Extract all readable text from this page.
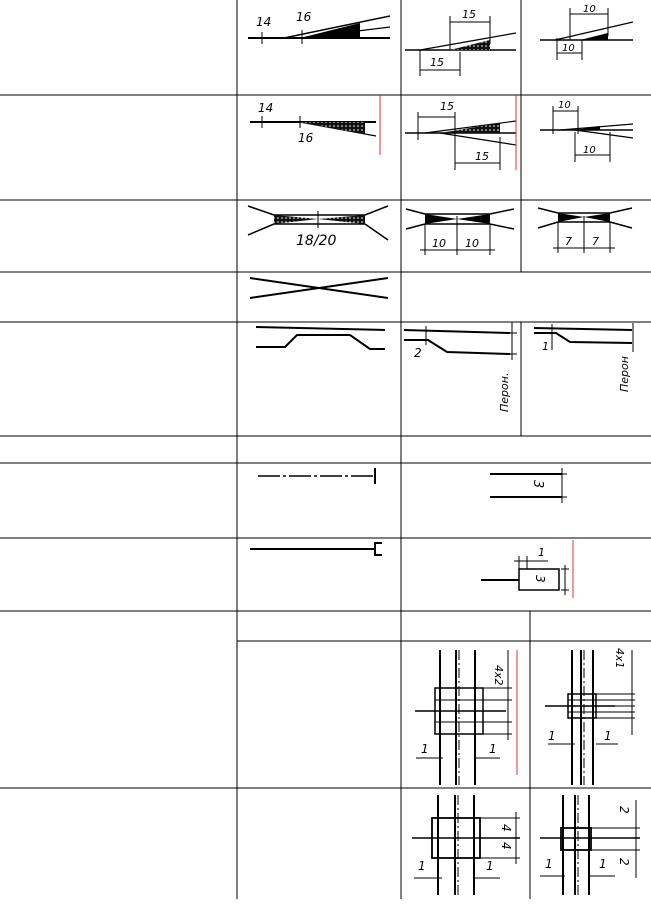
14 16	15
15
10
10
14
16
15
15
10
10
18/20	10 10	7 7
2
Перон.
1
Перон
3
1
3
1	1
4x2
1	1
4x1
1	1
4
4
1	1
2
2
